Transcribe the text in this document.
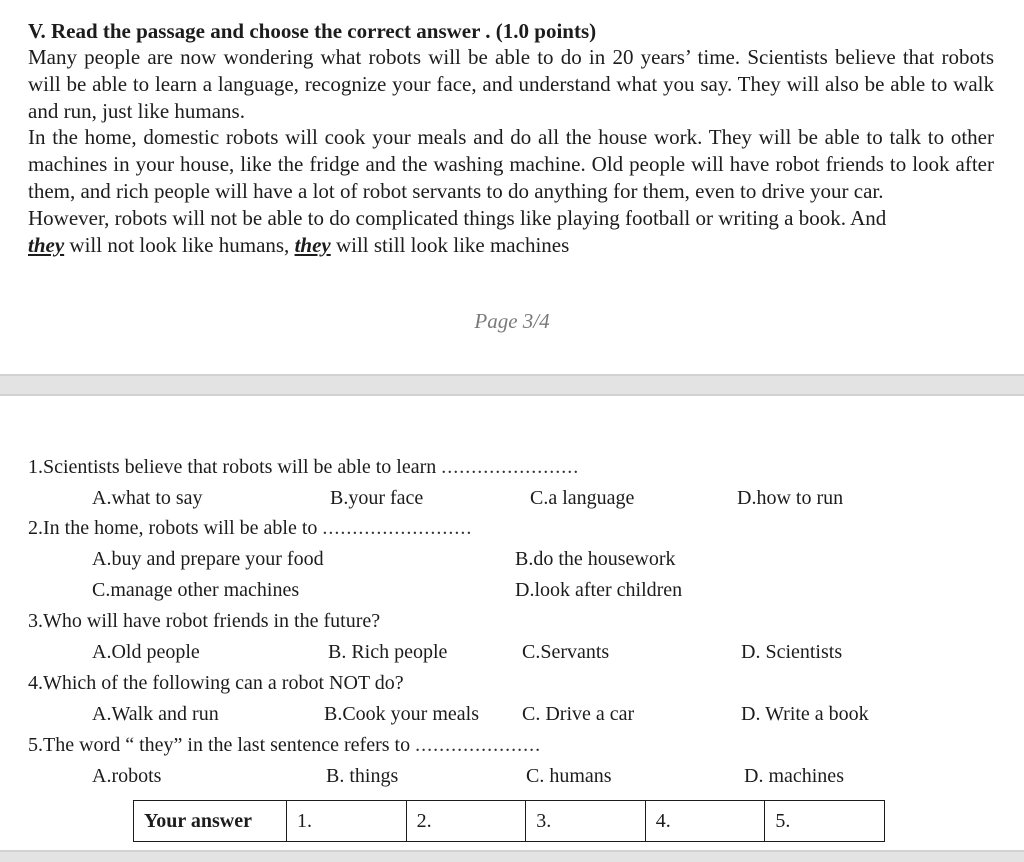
V. Read the passage and choose the correct answer . (1.0 points)

Many people are now wondering what robots will be able to do in 20 years’ time. Scientists believe that robots will be able to learn a language, recognize your face, and understand what you say. They will also be able to walk and run, just like humans.

In the home, domestic robots will cook your meals and do all the house work. They will be able to talk to other machines in your house, like the fridge and the washing machine. Old people will have robot friends to look after them, and rich people will have a lot of robot servants to do anything for them, even to drive your car.

However, robots will not be able to do complicated things like playing football or writing a book. And
they will not look like humans, they will still look like machines

Page 3/4
1.Scientists believe that robots will be able to learn .......................
A.what to say	B.your face	C.a language	D.how to run
2.In the home, robots will be able to .........................
A.buy and prepare your food	B.do the housework
C.manage other machines	D.look after children
3.Who will have robot friends in the future?
A.Old people	B. Rich people	C.Servants	D. Scientists
4.Which of the following can a robot NOT do?
A.Walk and run	B.Cook your meals C. Drive a car	D. Write a book
5.The word “ they” in the last sentence refers to .....................
A.robots	B. things	C. humans	D. machines
Your answer	1.	2.	3.	4.	5.
